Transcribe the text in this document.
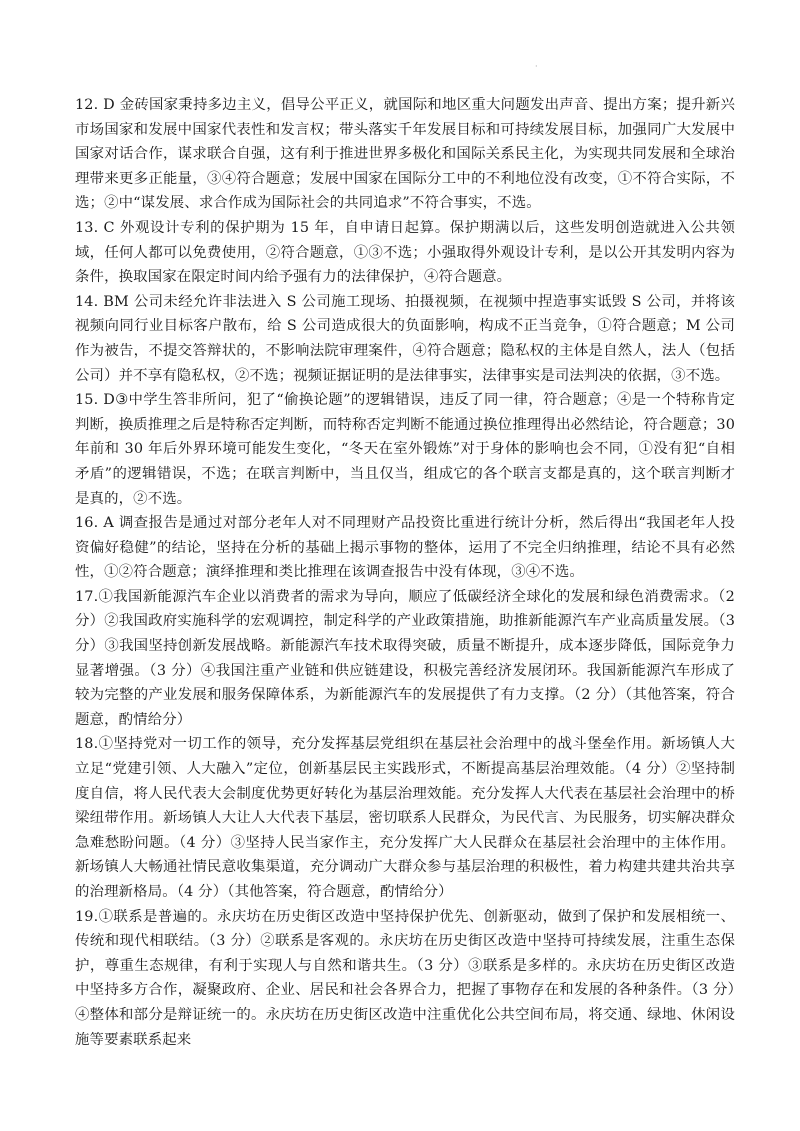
·

12. D 金砖国家秉持多边主义，倡导公平正义，就国际和地区重大问题发出声音、提出方案；提升新兴市场国家和发展中国家代表性和发言权；带头落实千年发展目标和可持续发展目标，加强同广大发展中国家对话合作，谋求联合自强，这有利于推进世界多极化和国际关系民主化，为实现共同发展和全球治理带来更多正能量，③④符合题意；发展中国家在国际分工中的不利地位没有改变，①不符合实际，不选；②中“谋发展、求合作成为国际社会的共同追求”不符合事实，不选。

13. C 外观设计专利的保护期为 15 年，自申请日起算。保护期满以后，这些发明创造就进入公共领域，任何人都可以免费使用，②符合题意，①③不选；小强取得外观设计专利，是以公开其发明内容为条件，换取国家在限定时间内给予强有力的法律保护，④符合题意。

14. BM 公司未经允许非法进入 S 公司施工现场、拍摄视频，在视频中捏造事实诋毁 S 公司，并将该视频向同行业目标客户散布，给 S 公司造成很大的负面影响，构成不正当竞争，①符合题意；M 公司作为被告，不提交答辩状的，不影响法院审理案件，④符合题意；隐私权的主体是自然人，法人（包括公司）并不享有隐私权，②不选；视频证据证明的是法律事实，法律事实是司法判决的依据，③不选。

15. D③中学生答非所问，犯了“偷换论题”的逻辑错误，违反了同一律，符合题意；④是一个特称肯定判断，换质推理之后是特称否定判断，而特称否定判断不能通过换位推理得出必然结论，符合题意；30 年前和 30 年后外界环境可能发生变化，“冬天在室外锻炼”对于身体的影响也会不同，①没有犯“自相矛盾”的逻辑错误，不选；在联言判断中，当且仅当，组成它的各个联言支都是真的，这个联言判断才是真的，②不选。

16. A 调查报告是通过对部分老年人对不同理财产品投资比重进行统计分析，然后得出“我国老年人投资偏好稳健”的结论，坚持在分析的基础上揭示事物的整体，运用了不完全归纳推理，结论不具有必然性，①②符合题意；演绎推理和类比推理在该调查报告中没有体现，③④不选。

17.①我国新能源汽车企业以消费者的需求为导向，顺应了低碳经济全球化的发展和绿色消费需求。（2 分）②我国政府实施科学的宏观调控，制定科学的产业政策措施，助推新能源汽车产业高质量发展。（3 分）③我国坚持创新发展战略。新能源汽车技术取得突破，质量不断提升，成本逐步降低，国际竞争力显著增强。（3 分）④我国注重产业链和供应链建设，积极完善经济发展闭环。我国新能源汽车形成了较为完整的产业发展和服务保障体系，为新能源汽车的发展提供了有力支撑。（2 分）（其他答案，符合题意，酌情给分）

18.①坚持党对一切工作的领导，充分发挥基层党组织在基层社会治理中的战斗堡垒作用。新场镇人大立足“党建引领、人大融入”定位，创新基层民主实践形式，不断提高基层治理效能。（4 分）②坚持制度自信，将人民代表大会制度优势更好转化为基层治理效能。充分发挥人大代表在基层社会治理中的桥梁纽带作用。新场镇人大让人大代表下基层，密切联系人民群众，为民代言、为民服务，切实解决群众急难愁盼问题。（4 分）③坚持人民当家作主，充分发挥广大人民群众在基层社会治理中的主体作用。新场镇人大畅通社情民意收集渠道，充分调动广大群众参与基层治理的积极性，着力构建共建共治共享的治理新格局。（4 分）（其他答案，符合题意，酌情给分）

19.①联系是普遍的。永庆坊在历史街区改造中坚持保护优先、创新驱动，做到了保护和发展相统一、传统和现代相联结。（3 分）②联系是客观的。永庆坊在历史街区改造中坚持可持续发展，注重生态保护，尊重生态规律，有利于实现人与自然和谐共生。（3 分）③联系是多样的。永庆坊在历史街区改造中坚持多方合作，凝聚政府、企业、居民和社会各界合力，把握了事物存在和发展的各种条件。（3 分）④整体和部分是辩证统一的。永庆坊在历史街区改造中注重优化公共空间布局，将交通、绿地、休闲设施等要素联系起来
